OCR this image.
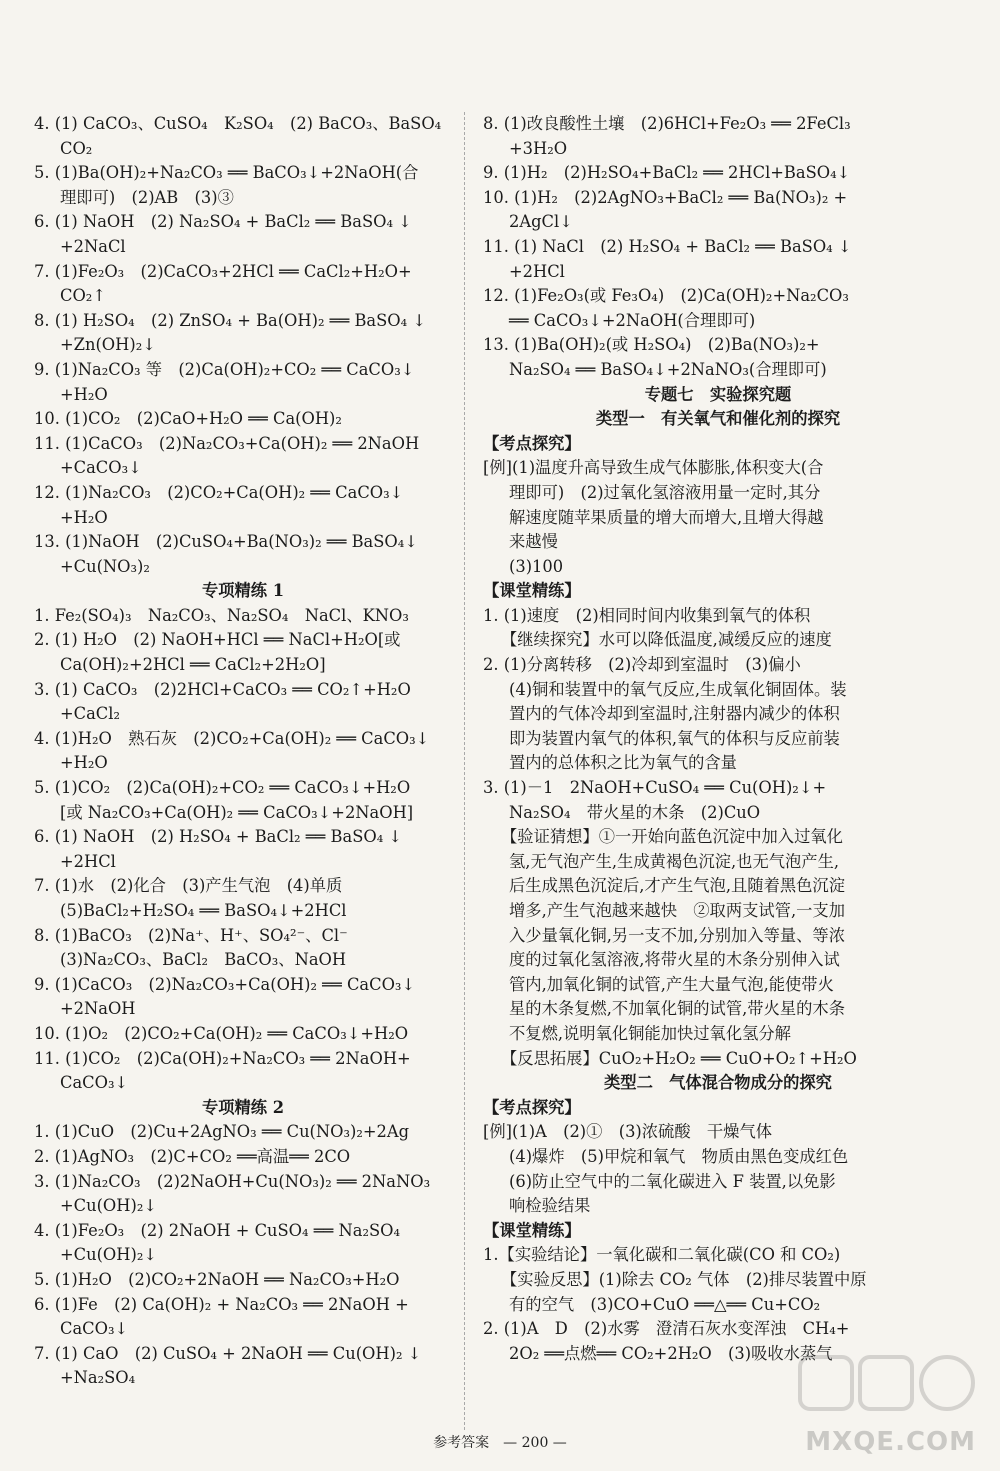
4. (1) CaCO₃、CuSO₄　K₂SO₄　(2) BaCO₃、BaSO₄
CO₂
5. (1)Ba(OH)₂+Na₂CO₃ ══ BaCO₃↓+2NaOH(合
理即可)　(2)AB　(3)③
6. (1) NaOH　(2) Na₂SO₄ + BaCl₂ ══ BaSO₄ ↓
+2NaCl
7. (1)Fe₂O₃　(2)CaCO₃+2HCl ══ CaCl₂+H₂O+
CO₂↑
8. (1) H₂SO₄　(2) ZnSO₄ + Ba(OH)₂ ══ BaSO₄ ↓
+Zn(OH)₂↓
9. (1)Na₂CO₃ 等　(2)Ca(OH)₂+CO₂ ══ CaCO₃↓
+H₂O
10. (1)CO₂　(2)CaO+H₂O ══ Ca(OH)₂
11. (1)CaCO₃　(2)Na₂CO₃+Ca(OH)₂ ══ 2NaOH
+CaCO₃↓
12. (1)Na₂CO₃　(2)CO₂+Ca(OH)₂ ══ CaCO₃↓
+H₂O
13. (1)NaOH　(2)CuSO₄+Ba(NO₃)₂ ══ BaSO₄↓
+Cu(NO₃)₂
专项精练 1
1. Fe₂(SO₄)₃　Na₂CO₃、Na₂SO₄　NaCl、KNO₃
2. (1) H₂O　(2) NaOH+HCl ══ NaCl+H₂O[或
Ca(OH)₂+2HCl ══ CaCl₂+2H₂O]
3. (1) CaCO₃　(2)2HCl+CaCO₃ ══ CO₂↑+H₂O
+CaCl₂
4. (1)H₂O　熟石灰　(2)CO₂+Ca(OH)₂ ══ CaCO₃↓
+H₂O
5. (1)CO₂　(2)Ca(OH)₂+CO₂ ══ CaCO₃↓+H₂O
[或 Na₂CO₃+Ca(OH)₂ ══ CaCO₃↓+2NaOH]
6. (1) NaOH　(2) H₂SO₄ + BaCl₂ ══ BaSO₄ ↓
+2HCl
7. (1)水　(2)化合　(3)产生气泡　(4)单质
(5)BaCl₂+H₂SO₄ ══ BaSO₄↓+2HCl
8. (1)BaCO₃　(2)Na⁺、H⁺、SO₄²⁻、Cl⁻
(3)Na₂CO₃、BaCl₂　BaCO₃、NaOH
9. (1)CaCO₃　(2)Na₂CO₃+Ca(OH)₂ ══ CaCO₃↓
+2NaOH
10. (1)O₂　(2)CO₂+Ca(OH)₂ ══ CaCO₃↓+H₂O
11. (1)CO₂　(2)Ca(OH)₂+Na₂CO₃ ══ 2NaOH+
CaCO₃↓
专项精练 2
1. (1)CuO　(2)Cu+2AgNO₃ ══ Cu(NO₃)₂+2Ag
2. (1)AgNO₃　(2)C+CO₂ ══高温══ 2CO
3. (1)Na₂CO₃　(2)2NaOH+Cu(NO₃)₂ ══ 2NaNO₃
+Cu(OH)₂↓
4. (1)Fe₂O₃　(2) 2NaOH + CuSO₄ ══ Na₂SO₄
+Cu(OH)₂↓
5. (1)H₂O　(2)CO₂+2NaOH ══ Na₂CO₃+H₂O
6. (1)Fe　(2) Ca(OH)₂ + Na₂CO₃ ══ 2NaOH +
CaCO₃↓
7. (1) CaO　(2) CuSO₄ + 2NaOH ══ Cu(OH)₂ ↓
+Na₂SO₄
8. (1)改良酸性土壤　(2)6HCl+Fe₂O₃ ══ 2FeCl₃
+3H₂O
9. (1)H₂　(2)H₂SO₄+BaCl₂ ══ 2HCl+BaSO₄↓
10. (1)H₂　(2)2AgNO₃+BaCl₂ ══ Ba(NO₃)₂ +
2AgCl↓
11. (1) NaCl　(2) H₂SO₄ + BaCl₂ ══ BaSO₄ ↓
+2HCl
12. (1)Fe₂O₃(或 Fe₃O₄)　(2)Ca(OH)₂+Na₂CO₃
══ CaCO₃↓+2NaOH(合理即可)
13. (1)Ba(OH)₂(或 H₂SO₄)　(2)Ba(NO₃)₂+
Na₂SO₄ ══ BaSO₄↓+2NaNO₃(合理即可)
专题七　实验探究题
类型一　有关氧气和催化剂的探究
【考点探究】
[例](1)温度升高导致生成气体膨胀,体积变大(合
理即可)　(2)过氧化氢溶液用量一定时,其分
解速度随苹果质量的增大而增大,且增大得越
来越慢
(3)100
【课堂精练】
1. (1)速度　(2)相同时间内收集到氧气的体积
【继续探究】水可以降低温度,减缓反应的速度
2. (1)分离转移　(2)冷却到室温时　(3)偏小
(4)铜和装置中的氧气反应,生成氧化铜固体。装
置内的气体冷却到室温时,注射器内减少的体积
即为装置内氧气的体积,氧气的体积与反应前装
置内的总体积之比为氧气的含量
3. (1)－1　2NaOH+CuSO₄ ══ Cu(OH)₂↓+
Na₂SO₄　带火星的木条　(2)CuO
【验证猜想】①一开始向蓝色沉淀中加入过氧化
氢,无气泡产生,生成黄褐色沉淀,也无气泡产生,
后生成黑色沉淀后,才产生气泡,且随着黑色沉淀
增多,产生气泡越来越快　②取两支试管,一支加
入少量氧化铜,另一支不加,分别加入等量、等浓
度的过氧化氢溶液,将带火星的木条分别伸入试
管内,加氧化铜的试管,产生大量气泡,能使带火
星的木条复燃,不加氧化铜的试管,带火星的木条
不复燃,说明氧化铜能加快过氧化氢分解
【反思拓展】CuO₂+H₂O₂ ══ CuO+O₂↑+H₂O
类型二　气体混合物成分的探究
【考点探究】
[例](1)A　(2)①　(3)浓硫酸　干燥气体
(4)爆炸　(5)甲烷和氧气　物质由黑色变成红色
(6)防止空气中的二氧化碳进入 F 装置,以免影
响检验结果
【课堂精练】
1.【实验结论】一氧化碳和二氧化碳(CO 和 CO₂)
【实验反思】(1)除去 CO₂ 气体　(2)排尽装置中原
有的空气　(3)CO+CuO ══△══ Cu+CO₂
2. (1)A　D　(2)水雾　澄清石灰水变浑浊　CH₄+
2O₂ ══点燃══ CO₂+2H₂O　(3)吸收水蒸气
参考答案　— 200 —	MXQE.COM
